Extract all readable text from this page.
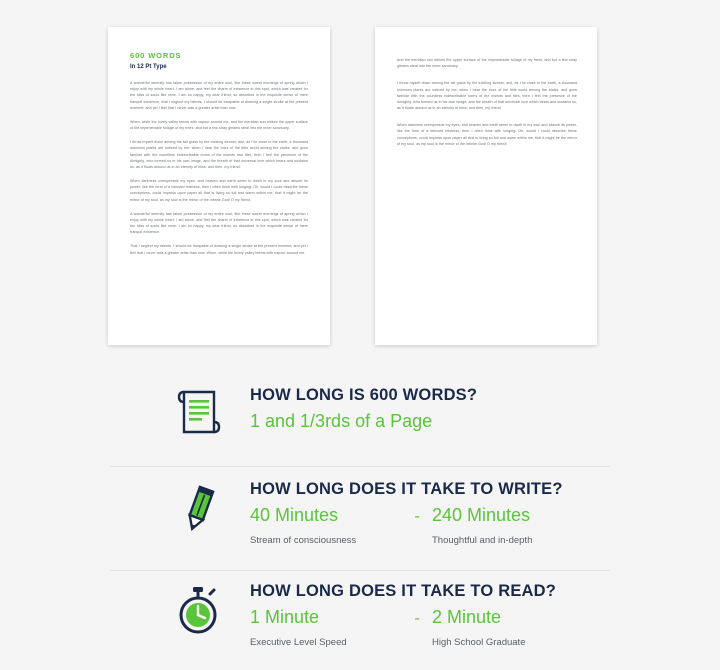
600 WORDS
In 12 Pt Type

A wonderful serenity has taken possession of my entire soul, like these sweet mornings of spring which I enjoy with my whole heart. I am alone, and feel the charm of existence in this spot, which was created for the bliss of souls like mine. I am so happy, my dear friend, so absorbed in the exquisite sense of mere tranquil existence, that I neglect my talents. I should be incapable of drawing a single stroke at the present moment; and yet I feel that I never was a greater artist than now.

When, while the lovely valley teems with vapour around me, and the meridian sun strikes the upper surface of the impenetrable foliage of my trees, and but a few stray gleams steal into the inner sanctuary.

I throw myself down among the tall grass by the trickling stream; and, as I lie close to the earth, a thousand unknown plants are noticed by me: when I hear the buzz of the little world among the stalks, and grow familiar with the countless indescribable forms of the insects and flies, then I feel the presence of the Almighty, who formed us in his own image, and the breath of that universal love which bears and sustains us, as it floats around us in an eternity of bliss; and then, my friend.

When darkness overspreads my eyes, and heaven and earth seem to dwell in my soul and absorb its power, like the form of a beloved mistress, then I often think with longing: Oh, would I could describe these conceptions, could impress upon paper all that is living so full and warm within me, that it might be the mirror of my soul, as my soul is the mirror of the infinite God! O my friend.

A wonderful serenity has taken possession of my entire soul, like these sweet mornings of spring which I enjoy with my whole heart. I am alone, and feel the charm of existence in this spot, which was created for the bliss of souls like mine. I am so happy, my dear friend, so absorbed in the exquisite sense of mere tranquil existence.

That I neglect my talents. I should be incapable of drawing a single stroke at the present moment; and yet I feel that I never was a greater artist than now. When, while the lovely valley teems with vapour around me.

And the meridian sun strikes the upper surface of the impenetrable foliage of my trees, and but a few stray gleams steal into the inner sanctuary.

I throw myself down among the tall grass by the trickling stream; and, as I lie close to the earth, a thousand unknown plants are noticed by me: when I hear the buzz of the little world among the stalks, and grow familiar with the countless indescribable forms of the insects and flies, then I feel the presence of the Almighty, who formed us in his own image, and the breath of that universal love which bears and sustains us, as it floats around us in an eternity of bliss; and then, my friend.

When darkness overspreads my eyes, and heaven and earth seem to dwell in my soul and absorb its power, like the form of a beloved mistress, then I often think with longing: Oh, would I could describe these conceptions, could impress upon paper all that is living so full and warm within me, that it might be the mirror of my soul, as my soul is the mirror of the infinite God! O my friend.

HOW LONG IS 600 WORDS?
1 and 1/3rds of a Page
HOW LONG DOES IT TAKE TO WRITE?
40 Minutes	- 240 Minutes
Stream of consciousness	Thoughtful and in-depth
HOW LONG DOES IT TAKE TO READ?
1 Minute	- 2 Minute
Executive Level Speed	High School Graduate
